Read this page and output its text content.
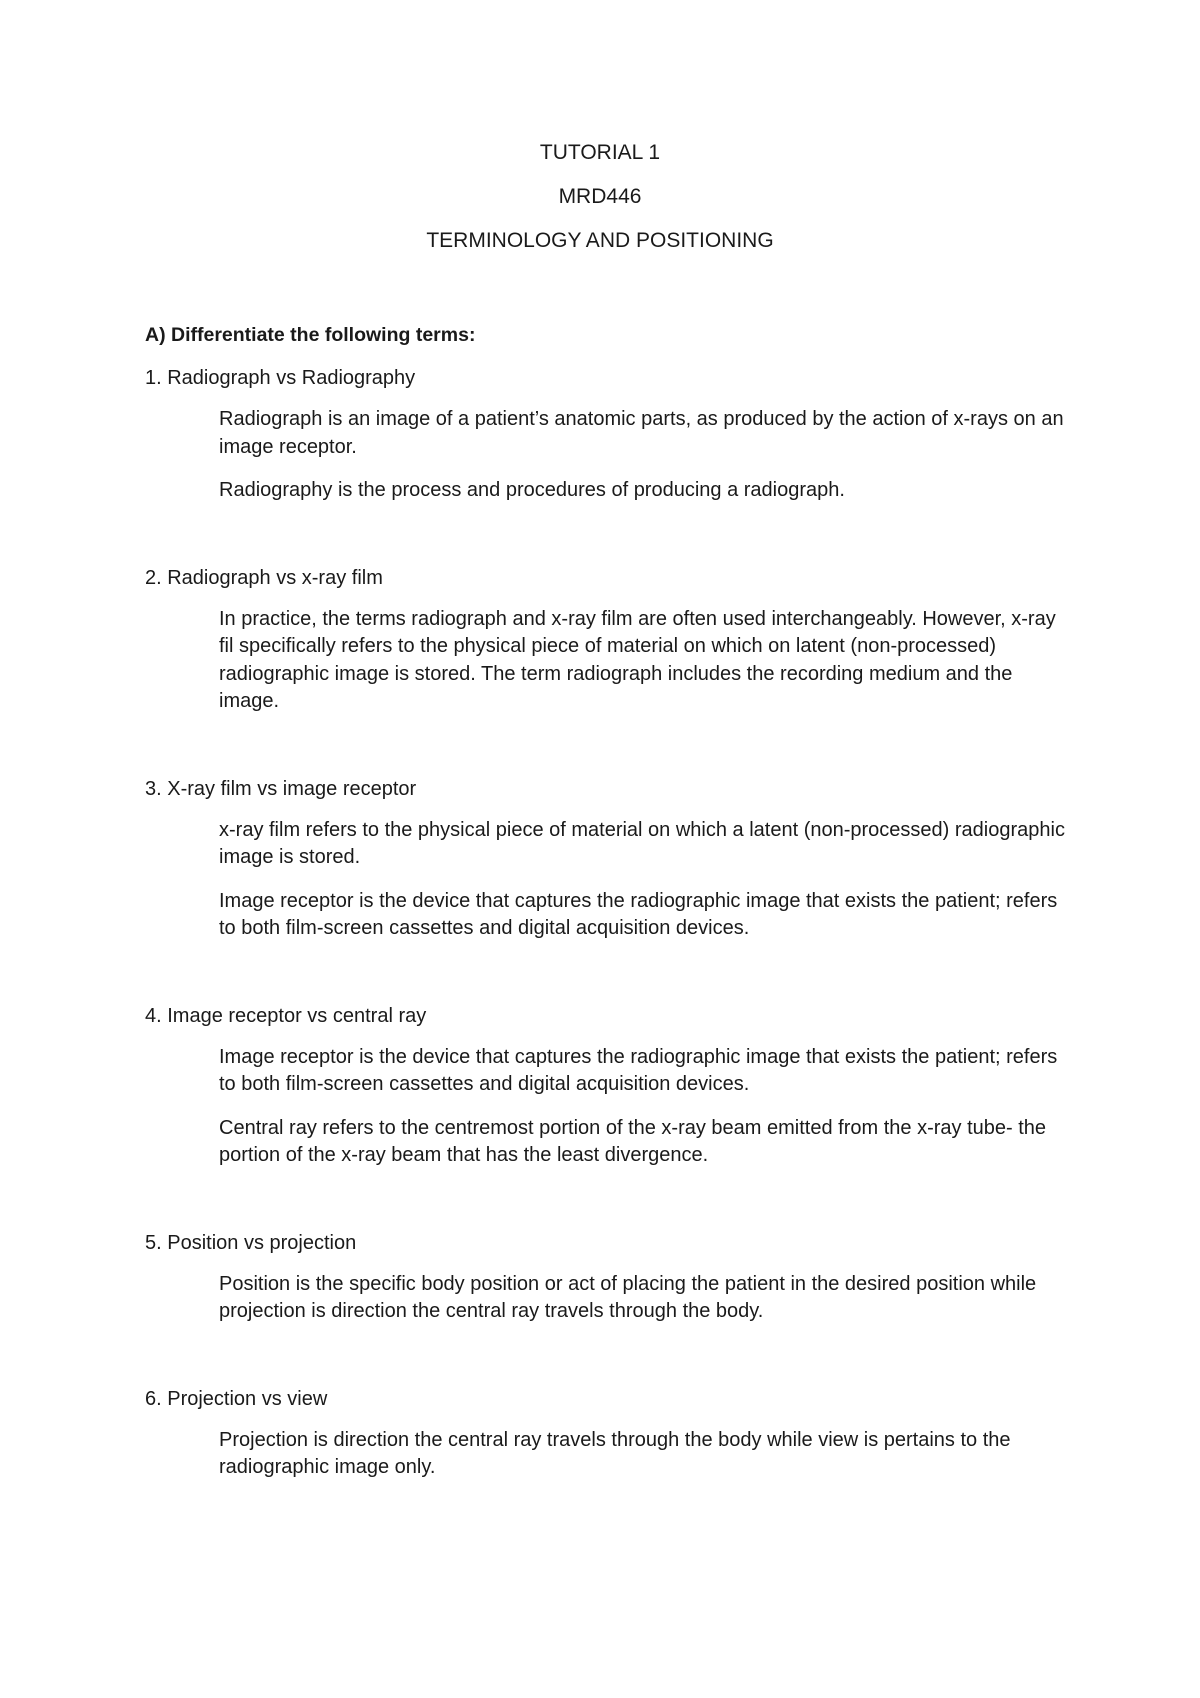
TUTORIAL 1

MRD446

TERMINOLOGY AND POSITIONING

A) Differentiate the following terms:

1. Radiograph vs Radiography

Radiograph is an image of a patient’s anatomic parts, as produced by the action of x-rays on an image receptor.

Radiography is the process and procedures of producing a radiograph.

2. Radiograph vs x-ray film

In practice, the terms radiograph and x-ray film are often used interchangeably. However, x-ray fil specifically refers to the physical piece of material on which on latent (non-processed) radiographic image is stored. The term radiograph includes the recording medium and the image.

3. X-ray film vs image receptor

x-ray film refers to the physical piece of material on which a latent (non-processed) radiographic image is stored.

Image receptor is the device that captures the radiographic image that exists the patient; refers to both film-screen cassettes and digital acquisition devices.

4. Image receptor vs central ray

Image receptor is the device that captures the radiographic image that exists the patient; refers to both film-screen cassettes and digital acquisition devices.

Central ray refers to the centremost portion of the x-ray beam emitted from the x-ray tube- the portion of the x-ray beam that has the least divergence.

5. Position vs projection

Position is the specific body position or act of placing the patient in the desired position while projection is direction the central ray travels through the body.

6. Projection vs view

Projection is direction the central ray travels through the body while view is pertains to the radiographic image only.
